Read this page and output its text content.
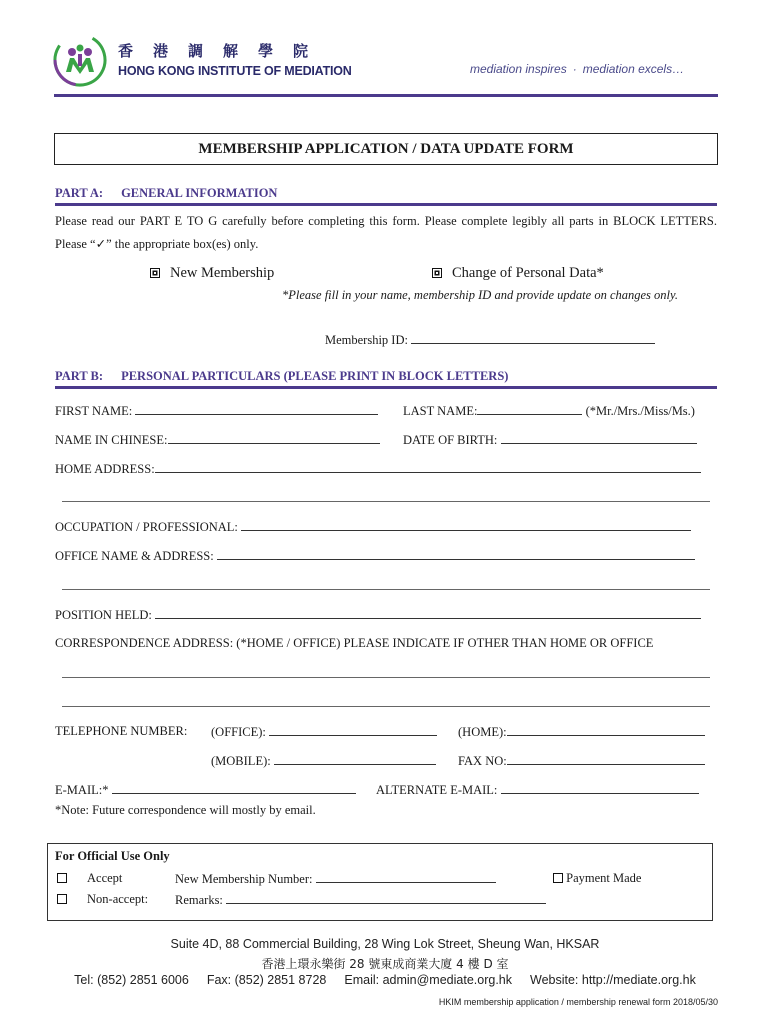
香港調解學院
HONG KONG INSTITUTE OF MEDIATION	mediation inspires · mediation excels…
MEMBERSHIP APPLICATION / DATA UPDATE FORM
PART A: GENERAL INFORMATION
Please read our PART E TO G carefully before completing this form. Please complete legibly all parts in BLOCK LETTERS. Please “✓” the appropriate box(es) only.
New Membership	Change of Personal Data*
*Please fill in your name, membership ID and provide update on changes only.
Membership ID:
PART B: PERSONAL PARTICULARS (PLEASE PRINT IN BLOCK LETTERS)
FIRST NAME:	LAST NAME:	(*Mr./Mrs./Miss/Ms.)
NAME IN CHINESE:	DATE OF BIRTH:
HOME ADDRESS:
OCCUPATION / PROFESSIONAL:
OFFICE NAME & ADDRESS:
POSITION HELD:
CORRESPONDENCE ADDRESS: (*HOME / OFFICE) PLEASE INDICATE IF OTHER THAN HOME OR OFFICE
TELEPHONE NUMBER: (OFFICE):	(HOME):
(MOBILE):	FAX NO:
E-MAIL:*	ALTERNATE E-MAIL:
*Note: Future correspondence will mostly by email.
For Official Use Only
Accept	New Membership Number:	Payment Made
Non-accept: Remarks:
Suite 4D, 88 Commercial Building, 28 Wing Lok Street, Sheung Wan, HKSAR
香港上環永樂街 28 號東成商業大廈 4 樓 D 室
Tel: (852) 2851 6006 Fax: (852) 2851 8728 Email: admin@mediate.org.hk Website: http://mediate.org.hk
HKIM membership application / membership renewal form 2018/05/30
